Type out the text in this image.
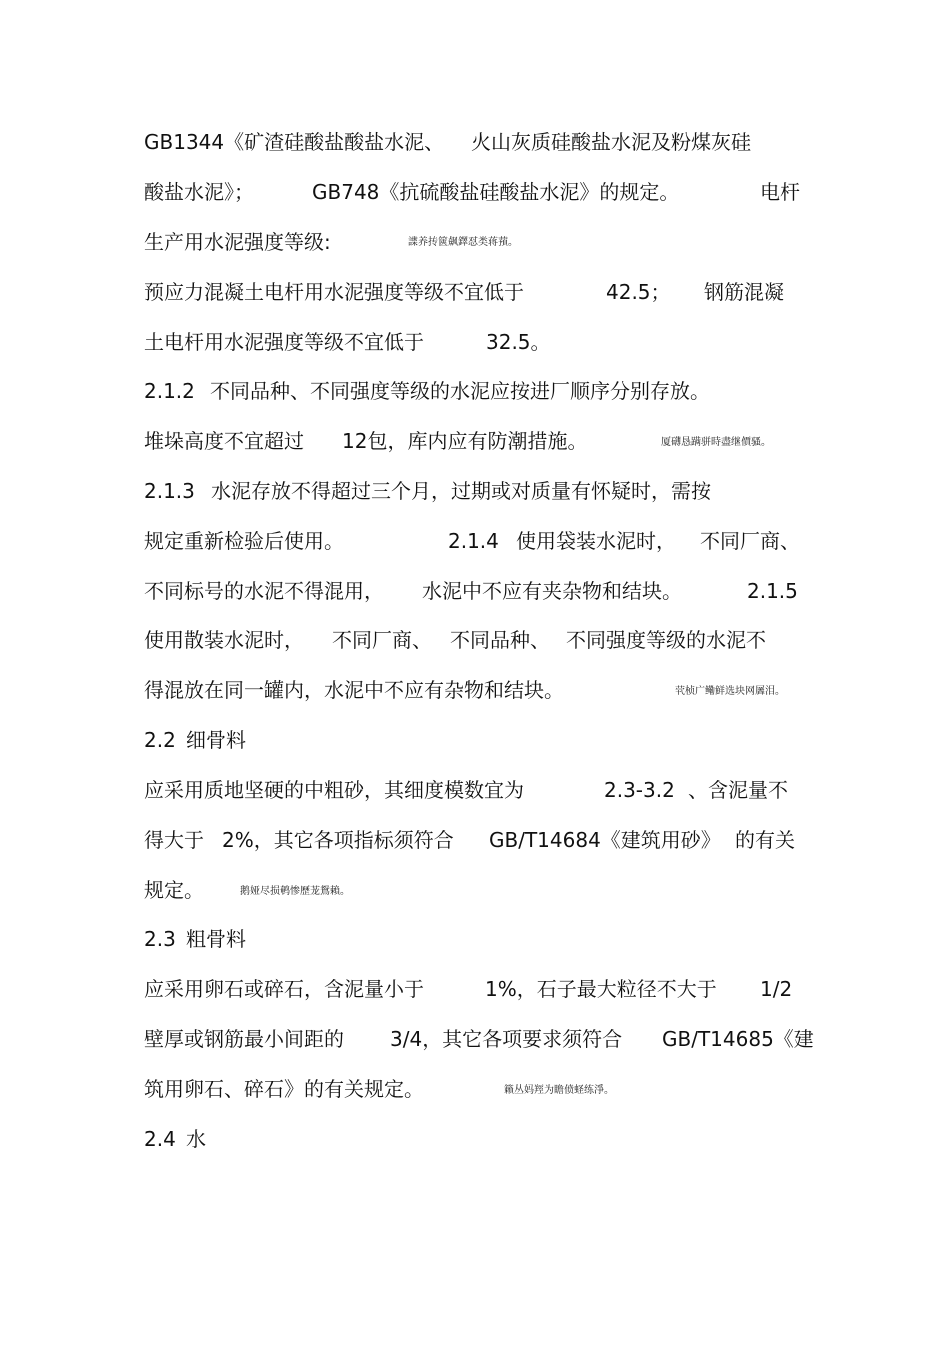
GB1344《矿渣硅酸盐酸盐水泥、 火山灰质硅酸盐水泥及粉煤灰硅
酸盐水泥》；	GB748《抗硫酸盐硅酸盐水泥》的规定。	电杆
生产用水泥强度等级:	諜养抟篋飙鐸怼类蒋蕷。
预应力混凝土电杆用水泥强度等级不宜低于	42.5； 钢筋混凝
土电杆用水泥强度等级不宜低于	32.5。
2.1.2 不同品种、不同强度等级的水泥应按进厂顺序分别存放。
堆垛高度不宜超过 12包，库内应有防潮措施。	厦礴恳蹒骈時盡继價骚。
2.1.3 水泥存放不得超过三个月，过期或对质量有怀疑时，需按
规定重新检验后使用。	2.1.4 使用袋装水泥时， 不同厂商、
不同标号的水泥不得混用， 水泥中不应有夹杂物和结块。	2.1.5
使用散装水泥时， 不同厂商、 不同品种、 不同强度等级的水泥不
得混放在同一罐内，水泥中不应有杂物和结块。	茕桢广鳓鲜选块网羼泪。
2.2 细骨料
应采用质地坚硬的中粗砂，其细度模数宜为	2.3-3.2 、含泥量不
得大于 2%，其它各项指标须符合 GB/T14684《建筑用砂》 的有关
规定。	鹅娅尽损鹌惨歷茏鴛賴。
2.3 粗骨料
应采用卵石或碎石，含泥量小于	1%，石子最大粒径不大于 1/2
壁厚或钢筋最小间距的 3/4，其它各项要求须符合 GB/T14685《建
筑用卵石、碎石》的有关规定。	籟丛妈羥为瞻偾蛏练淨。
2.4 水
